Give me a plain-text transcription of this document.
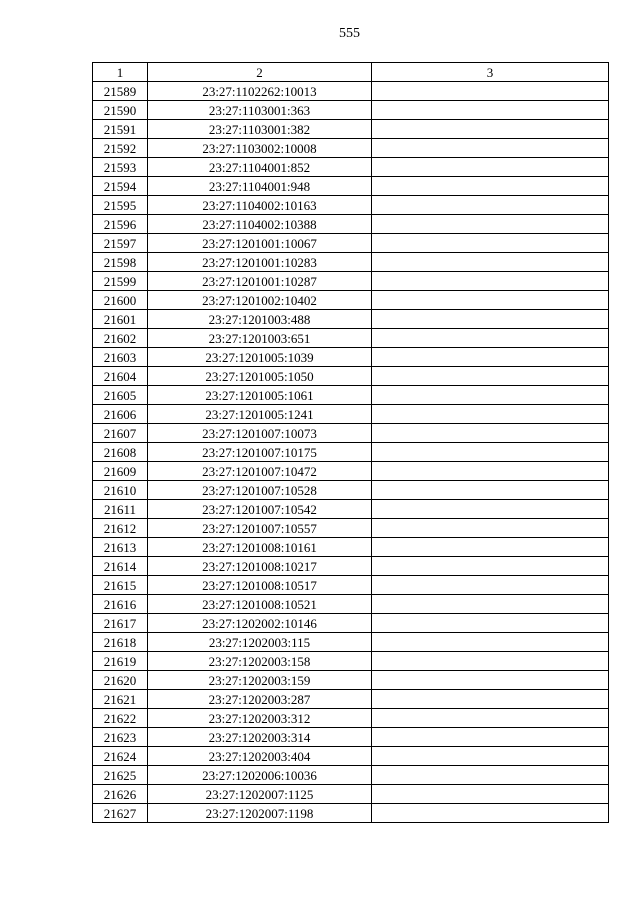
555
1	2	3
21589	23:27:1102262:10013	
21590	23:27:1103001:363	
21591	23:27:1103001:382	
21592	23:27:1103002:10008	
21593	23:27:1104001:852	
21594	23:27:1104001:948	
21595	23:27:1104002:10163	
21596	23:27:1104002:10388	
21597	23:27:1201001:10067	
21598	23:27:1201001:10283	
21599	23:27:1201001:10287	
21600	23:27:1201002:10402	
21601	23:27:1201003:488	
21602	23:27:1201003:651	
21603	23:27:1201005:1039	
21604	23:27:1201005:1050	
21605	23:27:1201005:1061	
21606	23:27:1201005:1241	
21607	23:27:1201007:10073	
21608	23:27:1201007:10175	
21609	23:27:1201007:10472	
21610	23:27:1201007:10528	
21611	23:27:1201007:10542	
21612	23:27:1201007:10557	
21613	23:27:1201008:10161	
21614	23:27:1201008:10217	
21615	23:27:1201008:10517	
21616	23:27:1201008:10521	
21617	23:27:1202002:10146	
21618	23:27:1202003:115	
21619	23:27:1202003:158	
21620	23:27:1202003:159	
21621	23:27:1202003:287	
21622	23:27:1202003:312	
21623	23:27:1202003:314	
21624	23:27:1202003:404	
21625	23:27:1202006:10036	
21626	23:27:1202007:1125	
21627	23:27:1202007:1198	
